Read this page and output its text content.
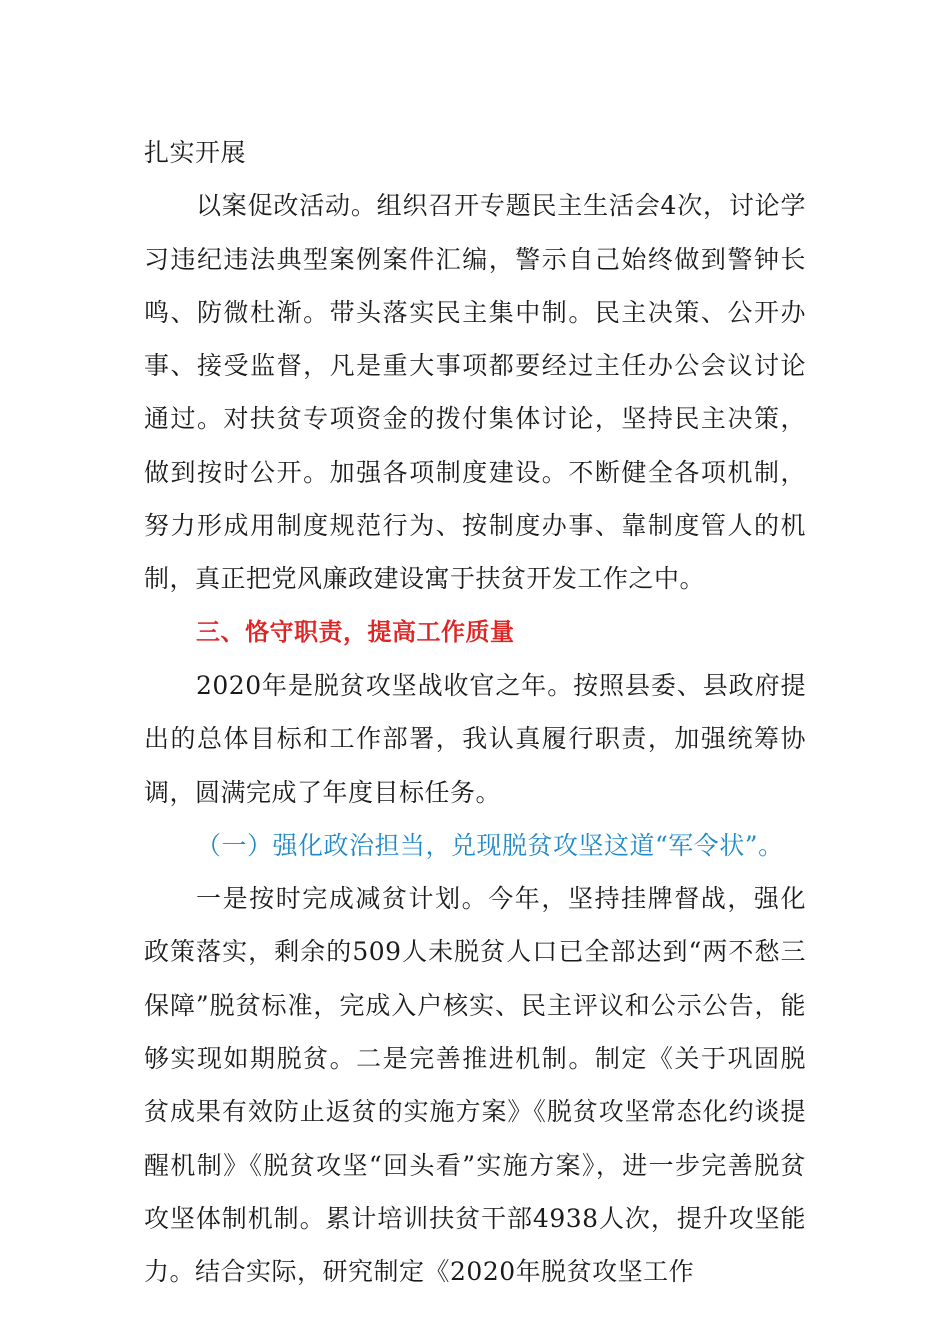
扎实开展

以案促改活动。组织召开专题民主生活会4次，讨论学习违纪违法典型案例案件汇编，警示自己始终做到警钟长鸣、防微杜渐。带头落实民主集中制。民主决策、公开办事、接受监督，凡是重大事项都要经过主任办公会议讨论通过。对扶贫专项资金的拨付集体讨论，坚持民主决策，做到按时公开。加强各项制度建设。不断健全各项机制，努力形成用制度规范行为、按制度办事、靠制度管人的机制，真正把党风廉政建设寓于扶贫开发工作之中。

三、恪守职责，提高工作质量

2020年是脱贫攻坚战收官之年。按照县委、县政府提出的总体目标和工作部署，我认真履行职责，加强统筹协调，圆满完成了年度目标任务。

（一）强化政治担当，兑现脱贫攻坚这道“军令状”。

一是按时完成减贫计划。今年，坚持挂牌督战，强化政策落实，剩余的509人未脱贫人口已全部达到“两不愁三保障”脱贫标准，完成入户核实、民主评议和公示公告，能够实现如期脱贫。二是完善推进机制。制定《关于巩固脱贫成果有效防止返贫的实施方案》《脱贫攻坚常态化约谈提醒机制》《脱贫攻坚“回头看”实施方案》，进一步完善脱贫攻坚体制机制。累计培训扶贫干部4938人次，提升攻坚能力。结合实际，研究制定《2020年脱贫攻坚工作
